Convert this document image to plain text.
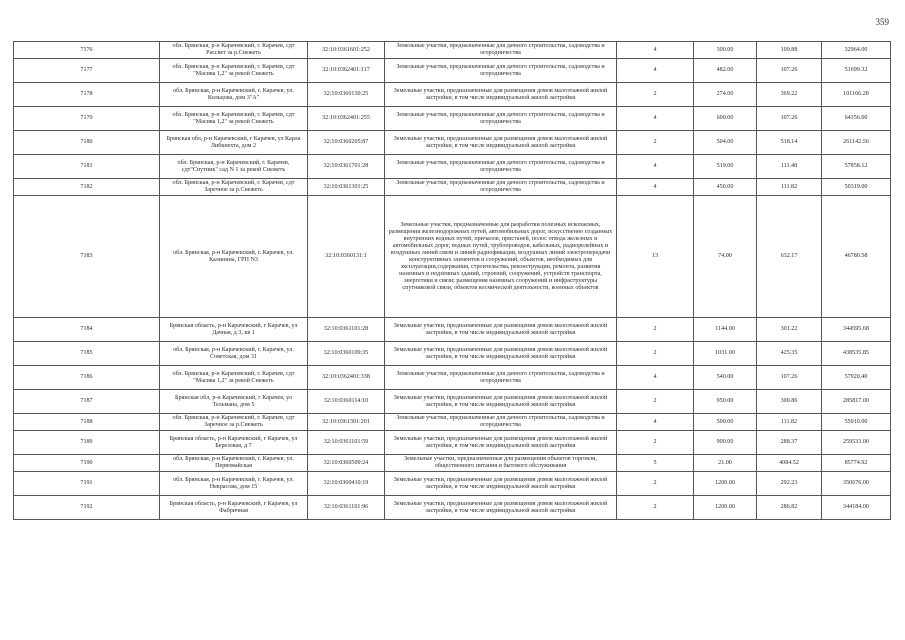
359
7176	обл. Брянская, р-н Карачевский, г. Карачев, сдт Рассвет за р.Снежеть	32:10:0361601:252	Земельные участки, предназначенные для дачного строительства, садоводства и огородничества	4	300.00	109.88	32964.00
7177	обл. Брянская, р-н Карачевский, г. Карачев, сдт "Масива 1,2" за рекой Снежеть	32:10:0362401:117	Земельные участки, предназначенные для дачного строительства, садоводства и огородничества	4	482.00	107.26	51699.32
7178	обл. Брянская, р-н Карачевский, г. Карачев, ул. Кольцова, дом 3"А"	32:10:0360130:25	Земельные участки, предназначенные для размещения домов малоэтажной жилой застройки, в том числе индивидуальной жилой застройки	2	274.00	369.22	101166.28
7179	обл. Брянская, р-н Карачевский, г. Карачев, сдт "Масива 1,2" за рекой Снежеть	32:10:0362401:255	Земельные участки, предназначенные для дачного строительства, садоводства и огородничества	4	600.00	107.26	64356.00
7180	Брянская обл, р-н Карачевский, г Карачев, ул Карла Либкнехта, дом 2	32:10:0360205:87	Земельные участки, предназначенные для размещения домов малоэтажной жилой застройки, в том числе индивидуальной жилой застройки	2	504.00	518.14	261142.56
7181	обл. Брянская, р-н Карачевский, г. Карачев, сдт"Спутник" сад N 1 за рекой Снежеть	32:10:0361701:28	Земельные участки, предназначенные для дачного строительства, садоводства и огородничества	4	519.00	111.48	57858.12
7182	обл. Брянская, р-н Карачевский, г. Карачев, сдт Заречное за р.Снежеть	32:10:0361301:25	Земельные участки, предназначенные для дачного строительства, садоводства и огородничества	4	450.00	111.82	50319.00
7183	обл. Брянская, р-н Карачевский, г. Карачев, ул. Калинина, ГРП N3	32:10:0360131:1	Земельные участки, предназначенные для разработки полезных ископаемых, размещения железнодорожных путей, автомобильных дорог, искусственно созданных внутренних водных путей, причалов, пристаней, полос отвода железных и автомобильных дорог, водных путей, трубопроводов, кабельных, радиорелейных и воздушных линий связи и линий радиофикации, воздушных линий электропередачи конструктивных элементов и сооружений, объектов, необходимых для эксплуатации,содержания, строительства, реконструкции, ремонта, развития наземных и подземных зданий, строений, сооружений, устройств транспорта, энергетики и связи; размещения наземных сооружений и инфраструктуры спутниковой связи, объектов космической деятельности, военных объектов	13	74.00	632.17	46780.58
7184	Брянская область, р-н Карачевский, г Карачев, ул Дачная, д 3, кв 1	32:10:0361101:28	Земельные участки, предназначенные для размещения домов малоэтажной жилой застройки, в том числе индивидуальной жилой застройки	2	1144.00	301.22	344595.68
7185	обл. Брянская, р-н Карачевский, г. Карачев, ул. Советская, дом 31	32:10:0360109:35	Земельные участки, предназначенные для размещения домов малоэтажной жилой застройки, в том числе индивидуальной жилой застройки	2	1031.00	425.35	438535.85
7186	обл. Брянская, р-н Карачевский, г. Карачев, сдт "Масива 1,2" за рекой Снежеть	32:10:0362401:338	Земельные участки, предназначенные для дачного строительства, садоводства и огородничества	4	540.00	107.26	57920.40
7187	Брянская обл, р-н Карачевский, г Карачев, ул Тельмана, дом 5	32:10:0360114:10	Земельные участки, предназначенные для размещения домов малоэтажной жилой застройки, в том числе индивидуальной жилой застройки	2	950.00	300.86	285817.00
7188	обл. Брянская, р-н Карачевский, г. Карачев, сдт Заречное за р.Снежеть	32:10:0361301:201	Земельные участки, предназначенные для дачного строительства, садоводства и огородничества	4	500.00	111.82	55910.00
7189	Брянская область, р-н Карачевский, г Карачев, ул Березовая, д 7	32:10:0361101:59	Земельные участки, предназначенные для размещения домов малоэтажной жилой застройки, в том числе индивидуальной жилой застройки	2	900.00	288.37	259533.00
7190	обл. Брянская, р-н Карачевский, г. Карачев, ул. Первомайская	32:10:0360509:24	Земельные участки, предназначенные для размещения объектов торговли, общественного питания и бытового обслуживания	5	21.00	4084.52	85774.92
7191	обл. Брянская, р-н Карачевский, г. Карачев, ул. Некрасова, дом 15	32:10:0360410:19	Земельные участки, предназначенные для размещения домов малоэтажной жилой застройки, в том числе индивидуальной жилой застройки	2	1200.00	292.23	350676.00
7192	Брянская область, р-н Карачевский, г Карачев, ул Фабричная	32:10:0361101:96	Земельные участки, предназначенные для размещения домов малоэтажной жилой застройки, в том числе индивидуальной жилой застройки	2	1200.00	286.82	344184.00
